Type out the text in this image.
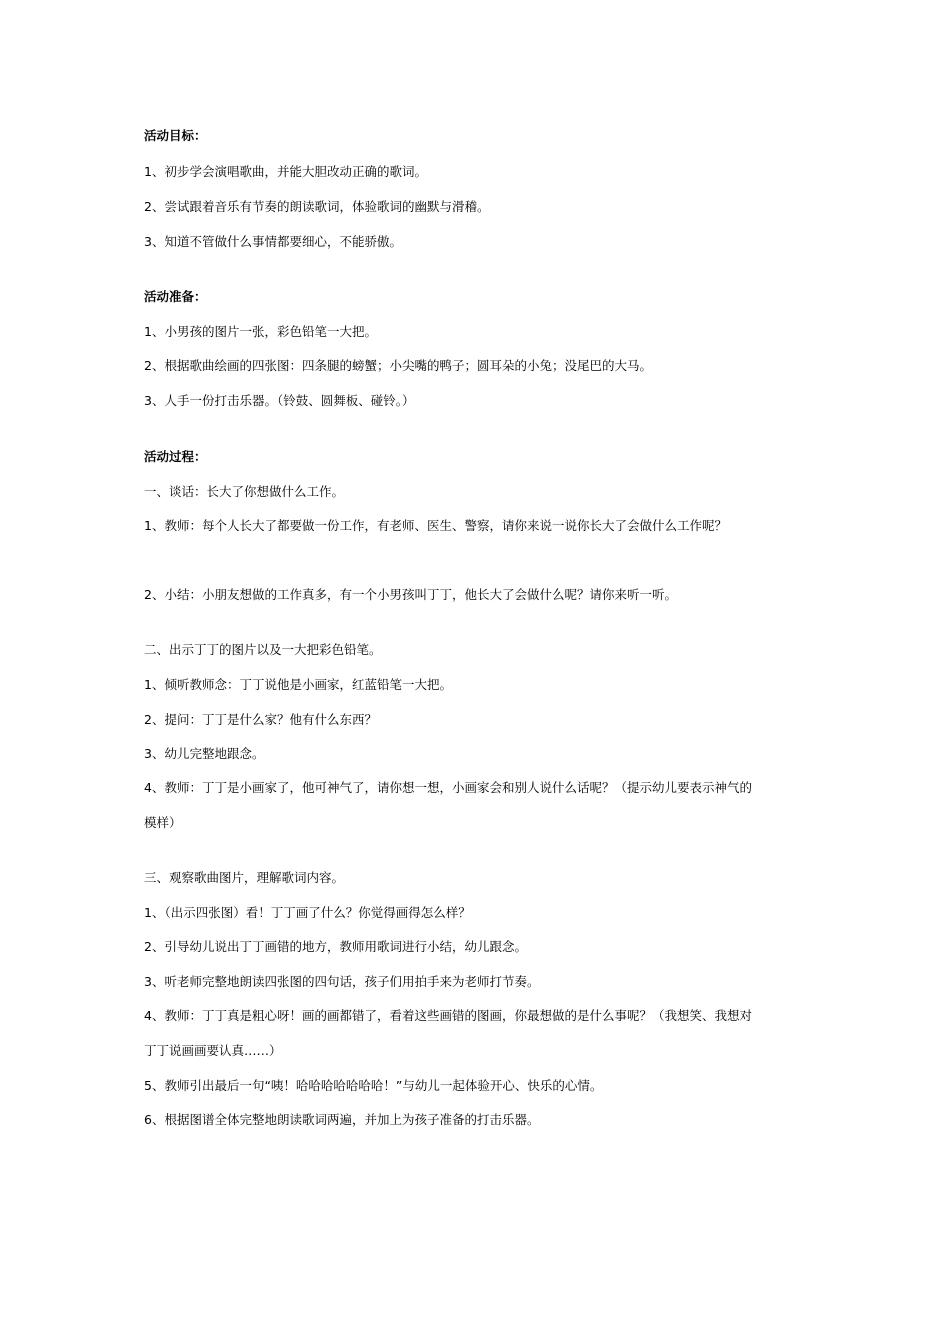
活动目标：
1、初步学会演唱歌曲，并能大胆改动正确的歌词。
2、尝试跟着音乐有节奏的朗读歌词，体验歌词的幽默与滑稽。
3、知道不管做什么事情都要细心，不能骄傲。
活动准备：
1、小男孩的图片一张，彩色铅笔一大把。
2、根据歌曲绘画的四张图：四条腿的螃蟹；小尖嘴的鸭子；圆耳朵的小兔；没尾巴的大马。
3、人手一份打击乐器。（铃鼓、圆舞板、碰铃。）
活动过程：
一、谈话：长大了你想做什么工作。
1、教师：每个人长大了都要做一份工作，有老师、医生、警察，请你来说一说你长大了会做什么工作呢？
2、小结：小朋友想做的工作真多，有一个小男孩叫丁丁，他长大了会做什么呢？请你来听一听。
二、出示丁丁的图片以及一大把彩色铅笔。
1、倾听教师念：丁丁说他是小画家，红蓝铅笔一大把。
2、提问：丁丁是什么家？他有什么东西？
3、幼儿完整地跟念。
4、教师：丁丁是小画家了，他可神气了，请你想一想，小画家会和别人说什么话呢？（提示幼儿要表示神气的
模样）
三、观察歌曲图片，理解歌词内容。
1、（出示四张图）看！丁丁画了什么？你觉得画得怎么样？
2、引导幼儿说出丁丁画错的地方，教师用歌词进行小结，幼儿跟念。
3、听老师完整地朗读四张图的四句话，孩子们用拍手来为老师打节奏。
4、教师：丁丁真是粗心呀！画的画都错了，看着这些画错的图画，你最想做的是什么事呢？（我想笑、我想对
丁丁说画画要认真……）
5、教师引出最后一句“咦！哈哈哈哈哈哈哈！”与幼儿一起体验开心、快乐的心情。
6、根据图谱全体完整地朗读歌词两遍，并加上为孩子准备的打击乐器。
